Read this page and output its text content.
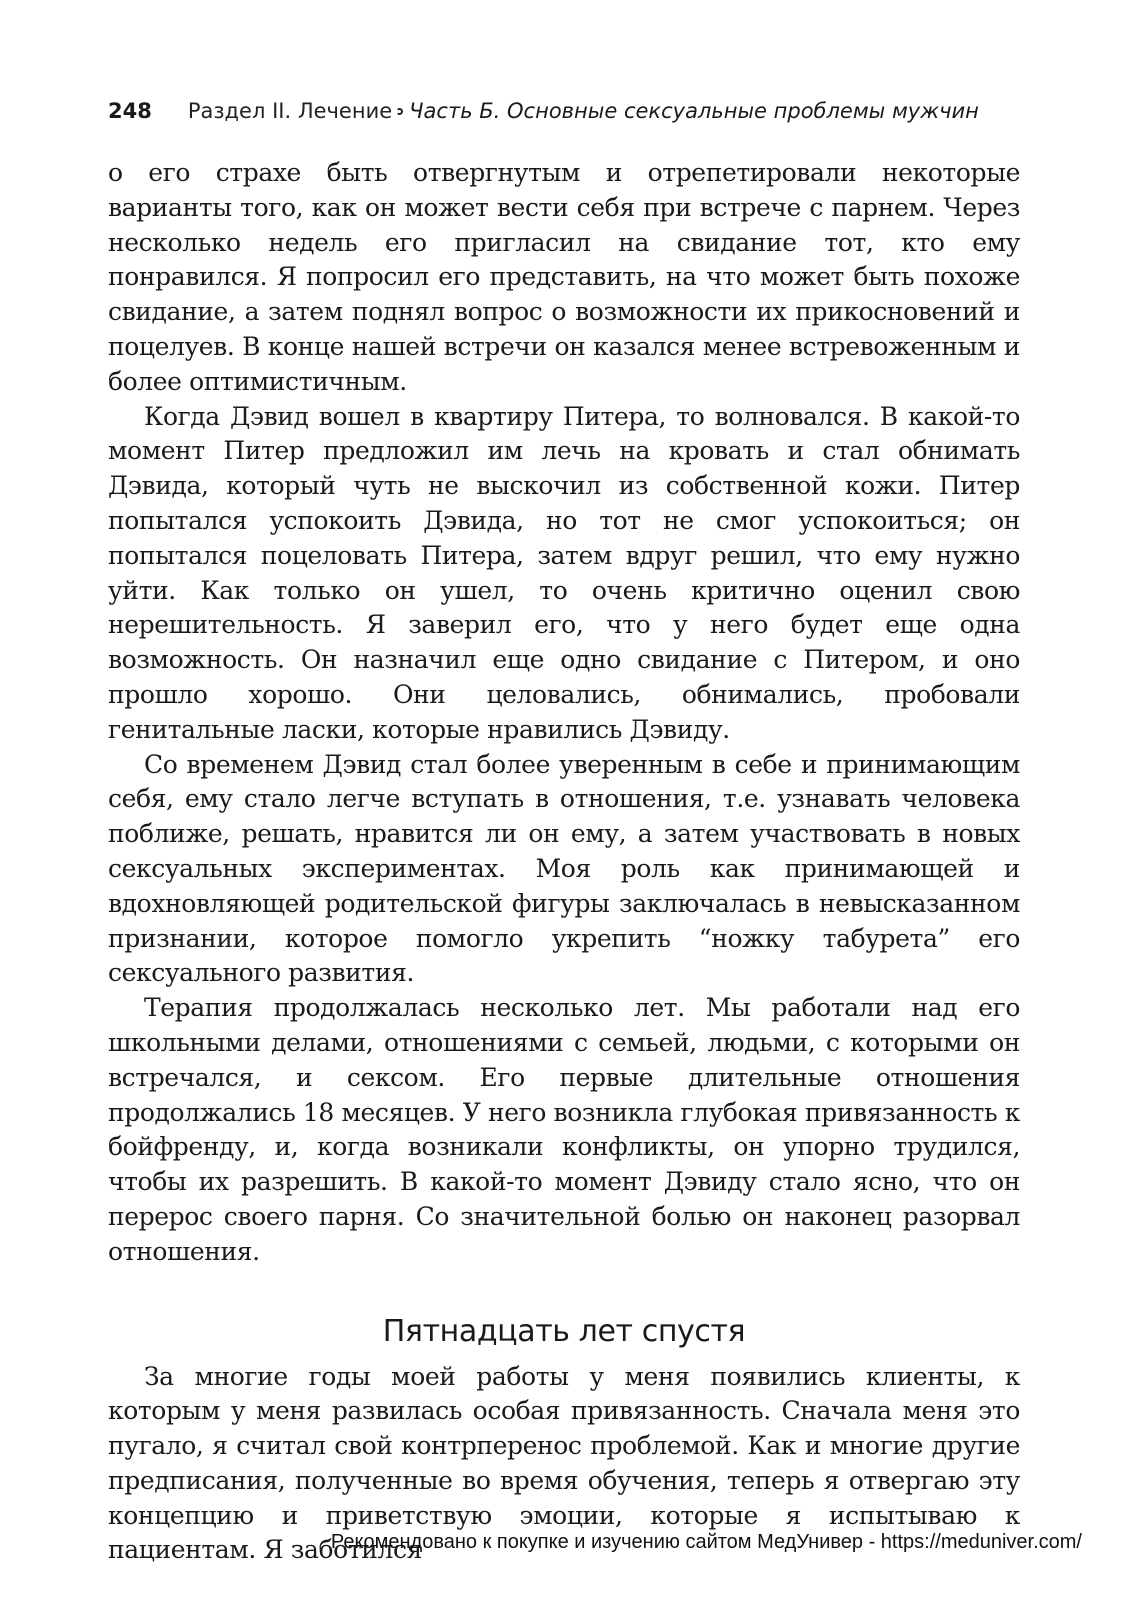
248 Раздел II. Лечение Часть Б. Основные сексуальные проблемы мужчин

о его страхе быть отвергнутым и отрепетировали некоторые варианты того, как он может вести себя при встрече с парнем. Через несколько недель его пригласил на свидание тот, кто ему понравился. Я попросил его представить, на что может быть похоже свидание, а затем поднял вопрос о возможности их прикосновений и поцелуев. В конце нашей встречи он казался менее встревоженным и более оптимистичным.

Когда Дэвид вошел в квартиру Питера, то волновался. В какой-то момент Питер предложил им лечь на кровать и стал обнимать Дэвида, который чуть не выскочил из собственной кожи. Питер попытался успокоить Дэвида, но тот не смог успокоиться; он попытался поцеловать Питера, затем вдруг решил, что ему нужно уйти. Как только он ушел, то очень критично оценил свою нерешительность. Я заверил его, что у него будет еще одна возможность. Он назначил еще одно свидание с Питером, и оно прошло хорошо. Они целовались, обнимались, пробовали генитальные ласки, которые нравились Дэвиду.

Со временем Дэвид стал более уверенным в себе и принимающим себя, ему стало легче вступать в отношения, т.е. узнавать человека поближе, решать, нравится ли он ему, а затем участвовать в новых сексуальных экспериментах. Моя роль как принимающей и вдохновляющей родительской фигуры заключалась в невысказанном признании, которое помогло укрепить “ножку табурета” его сексуального развития.

Терапия продолжалась несколько лет. Мы работали над его школьными делами, отношениями с семьей, людьми, с которыми он встречался, и сексом. Его первые длительные отношения продолжались 18 месяцев. У него возникла глубокая привязанность к бойфренду, и, когда возникали конфликты, он упорно трудился, чтобы их разрешить. В какой-то момент Дэвиду стало ясно, что он перерос своего парня. Со значительной болью он наконец разорвал отношения.

Пятнадцать лет спустя

За многие годы моей работы у меня появились клиенты, к которым у меня развилась особая привязанность. Сначала меня это пугало, я считал свой контрперенос проблемой. Как и многие другие предписания, полученные во время обучения, теперь я отвергаю эту концепцию и приветствую эмоции, которые я испытываю к пациентам. Я заботился

Рекомендовано к покупке и изучению сайтом МедУнивер - https://meduniver.com/
